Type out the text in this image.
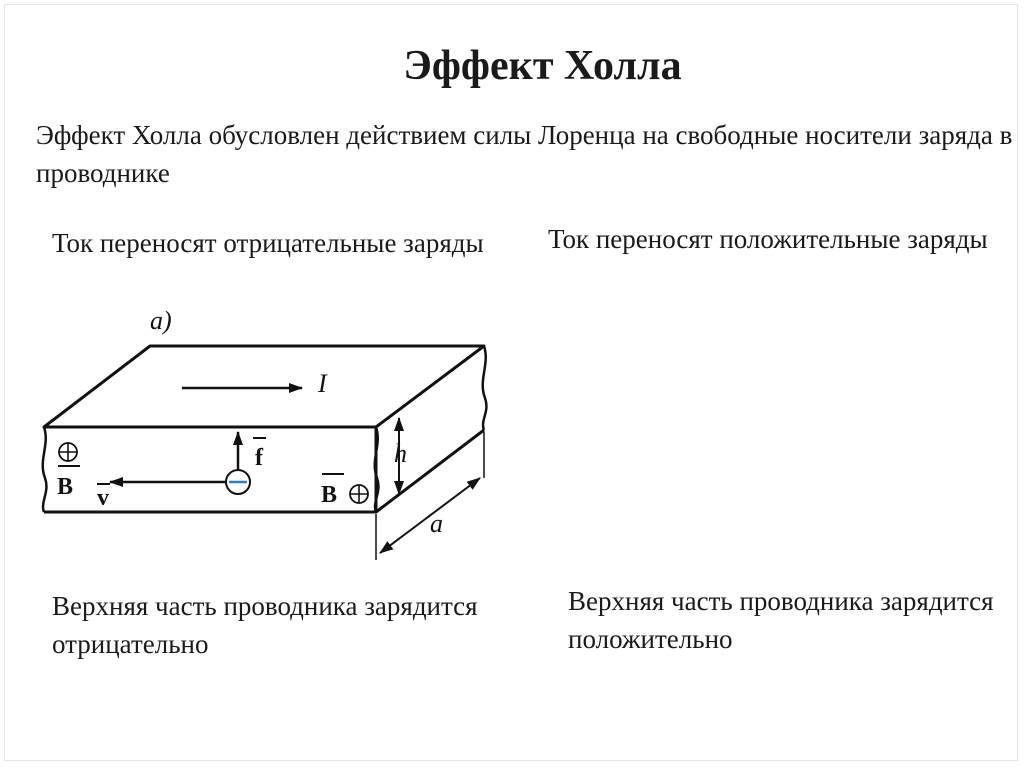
Эффект Холла
Эффект Холла обусловлен действием силы Лоренца на свободные носители заряда в проводнике
Ток переносят отрицательные заряды	Ток переносят положительные заряды
Верхняя часть проводника зарядится отрицательно
Верхняя часть проводника зарядится положительно
I
a)
f
v
B	B
h
a
